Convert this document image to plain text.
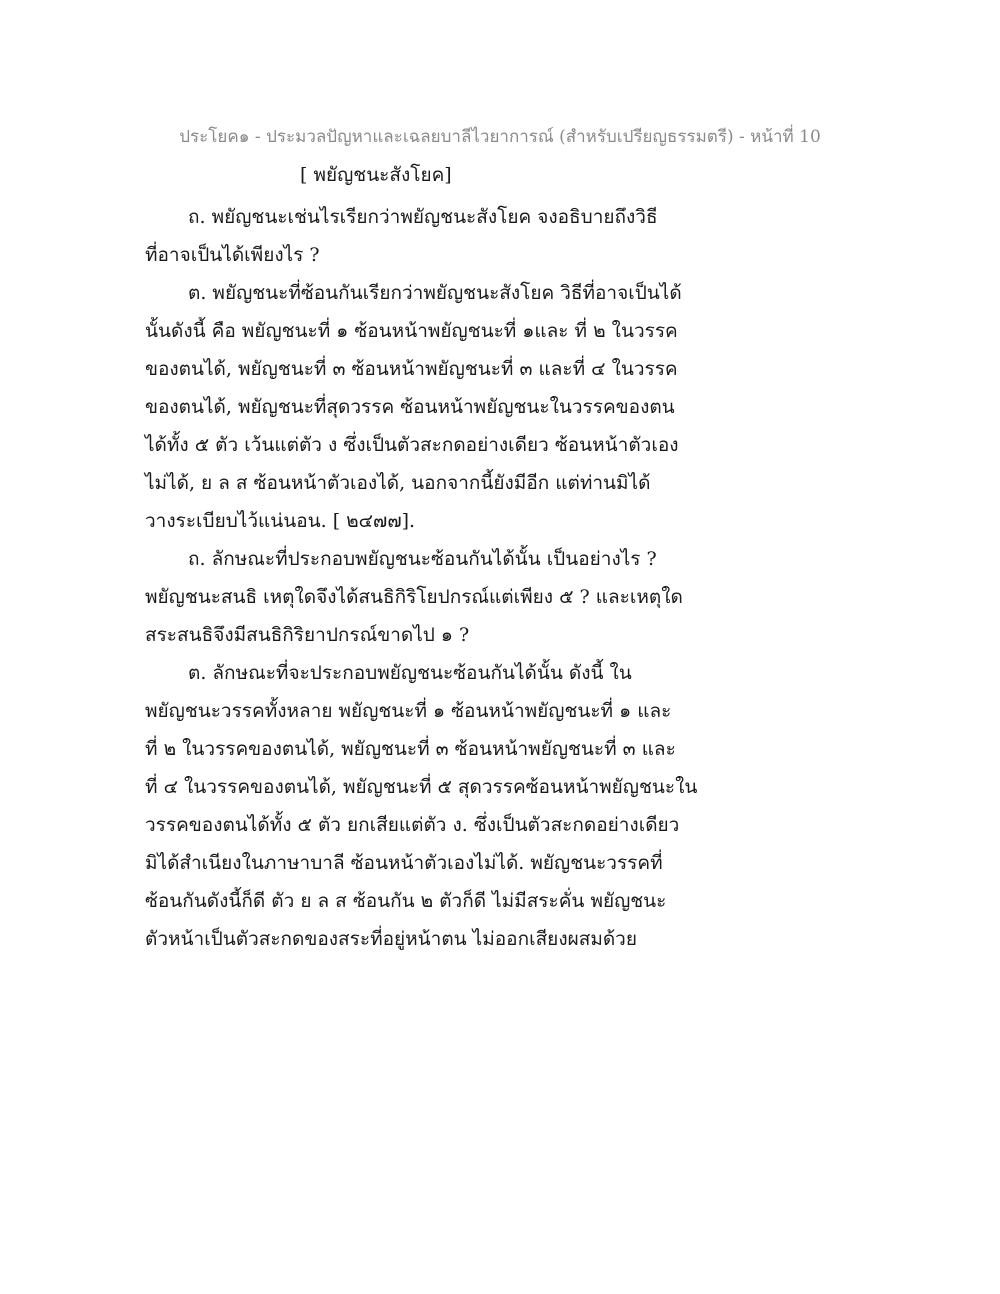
ประโยค๑ - ประมวลปัญหาและเฉลยบาลีไวยาการณ์ (สำหรับเปรียญธรรมตรี) - หน้าที่ 10
[ พยัญชนะสังโยค]
ถ. พยัญชนะเช่นไรเรียกว่าพยัญชนะสังโยค จงอธิบายถึงวิธี
ที่อาจเป็นได้เพียงไร ?
ต. พยัญชนะที่ซ้อนกันเรียกว่าพยัญชนะสังโยค วิธีที่อาจเป็นได้
นั้นดังนี้ คือ พยัญชนะที่ ๑ ซ้อนหน้าพยัญชนะที่ ๑และ ที่ ๒ ในวรรค
ของตนได้, พยัญชนะที่ ๓ ซ้อนหน้าพยัญชนะที่ ๓ และที่ ๔ ในวรรค
ของตนได้, พยัญชนะที่สุดวรรค ซ้อนหน้าพยัญชนะในวรรคของตน
ได้ทั้ง ๕ ตัว เว้นแต่ตัว ง ซึ่งเป็นตัวสะกดอย่างเดียว ซ้อนหน้าตัวเอง
ไม่ได้, ย ล ส ซ้อนหน้าตัวเองได้, นอกจากนี้ยังมีอีก แต่ท่านมิได้
วางระเบียบไว้แน่นอน. [ ๒๔๗๗].
ถ. ลักษณะที่ประกอบพยัญชนะซ้อนกันได้นั้น เป็นอย่างไร ?
พยัญชนะสนธิ เหตุใดจึงได้สนธิกิริโยปกรณ์แต่เพียง ๕ ? และเหตุใด
สระสนธิจึงมีสนธิกิริยาปกรณ์ขาดไป ๑ ?
ต. ลักษณะที่จะประกอบพยัญชนะซ้อนกันได้นั้น ดังนี้ ใน
พยัญชนะวรรคทั้งหลาย พยัญชนะที่ ๑ ซ้อนหน้าพยัญชนะที่ ๑ และ
ที่ ๒ ในวรรคของตนได้, พยัญชนะที่ ๓ ซ้อนหน้าพยัญชนะที่ ๓ และ
ที่ ๔ ในวรรคของตนได้, พยัญชนะที่ ๕ สุดวรรคซ้อนหน้าพยัญชนะใน
วรรคของตนได้ทั้ง ๕ ตัว ยกเสียแต่ตัว ง. ซึ่งเป็นตัวสะกดอย่างเดียว
มิได้สำเนียงในภาษาบาลี ซ้อนหน้าตัวเองไม่ได้. พยัญชนะวรรคที่
ซ้อนกันดังนี้ก็ดี ตัว ย ล ส ซ้อนกัน ๒ ตัวก็ดี ไม่มีสระคั่น พยัญชนะ
ตัวหน้าเป็นตัวสะกดของสระที่อยู่หน้าตน ไม่ออกเสียงผสมด้วย
